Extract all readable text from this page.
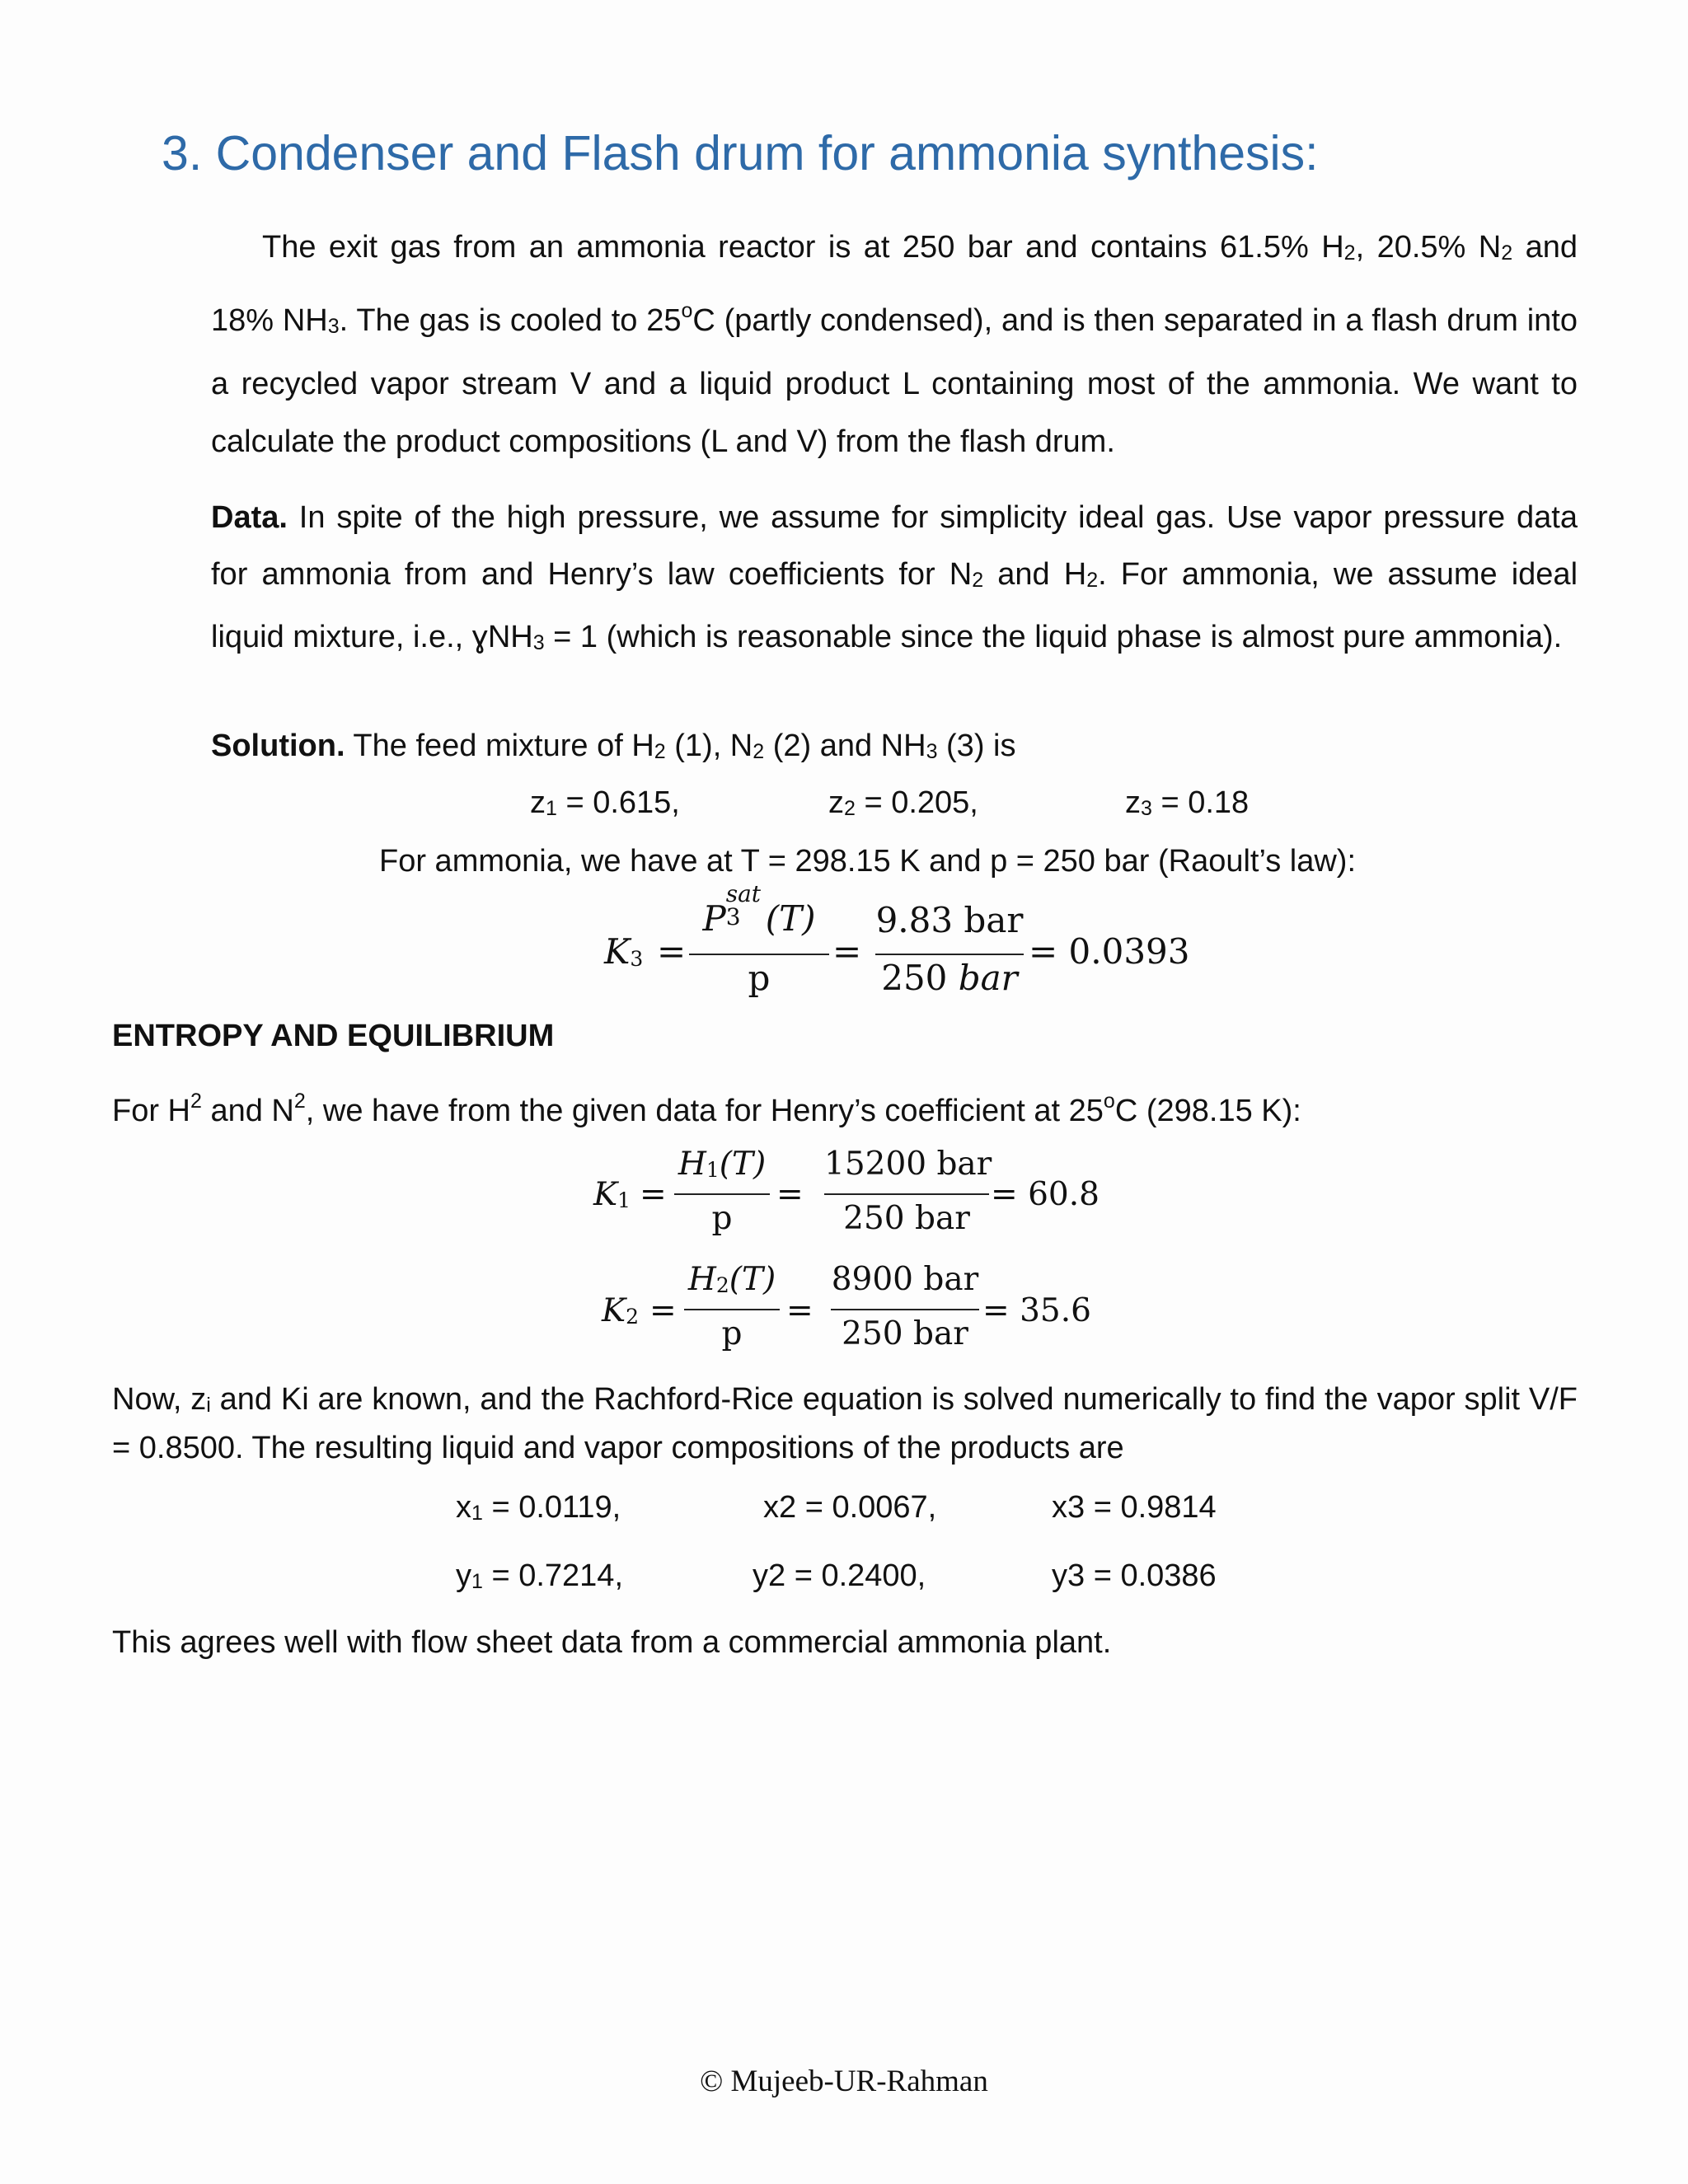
3. Condenser and Flash drum for ammonia synthesis:

The exit gas from an ammonia reactor is at 250 bar and contains 61.5% H2, 20.5% N2 and 18% NH3. The gas is cooled to 25$^o$C (partly condensed), and is then separated in a flash drum into a recycled vapor stream V and a liquid product L containing most of the ammonia. We want to calculate the product compositions (L and V) from the flash drum.

Data. In spite of the high pressure, we assume for simplicity ideal gas. Use vapor pressure data for ammonia from and Henry’s law coefficients for N2 and H2. For ammonia, we assume ideal liquid mixture, i.e., ɣNH3 = 1 (which is reasonable since the liquid phase is almost pure ammonia).

Solution. The feed mixture of H2 (1), N2 (2) and NH3 (3) is
z1 = 0.615,	z2 = 0.205,	z3 = 0.18
For ammonia, we have at T = 298.15 K and p = 250 bar (Raoult’s law):
K3 =
P
sat
3 (T)
p
=
9.83 bar
250 bar
= 0.0393
ENTROPY AND EQUILIBRIUM
For $H^2$ and $N^2$, we have from the given data for Henry’s coefficient at 25$^o$C (298.15 K):
K1 =
H1(T)
p
=
15200 bar
250 bar
= 60.8
K2 =
H2(T)
p
=
8900 bar
250 bar
= 35.6

Now, zi and Ki are known, and the Rachford-Rice equation is solved numerically to find the vapor split V/F = 0.8500. The resulting liquid and vapor compositions of the products are

x1 = 0.0119,	x2 = 0.0067,	x3 = 0.9814
y1 = 0.7214,	y2 = 0.2400,	y3 = 0.0386
This agrees well with flow sheet data from a commercial ammonia plant.
© Mujeeb-UR-Rahman
